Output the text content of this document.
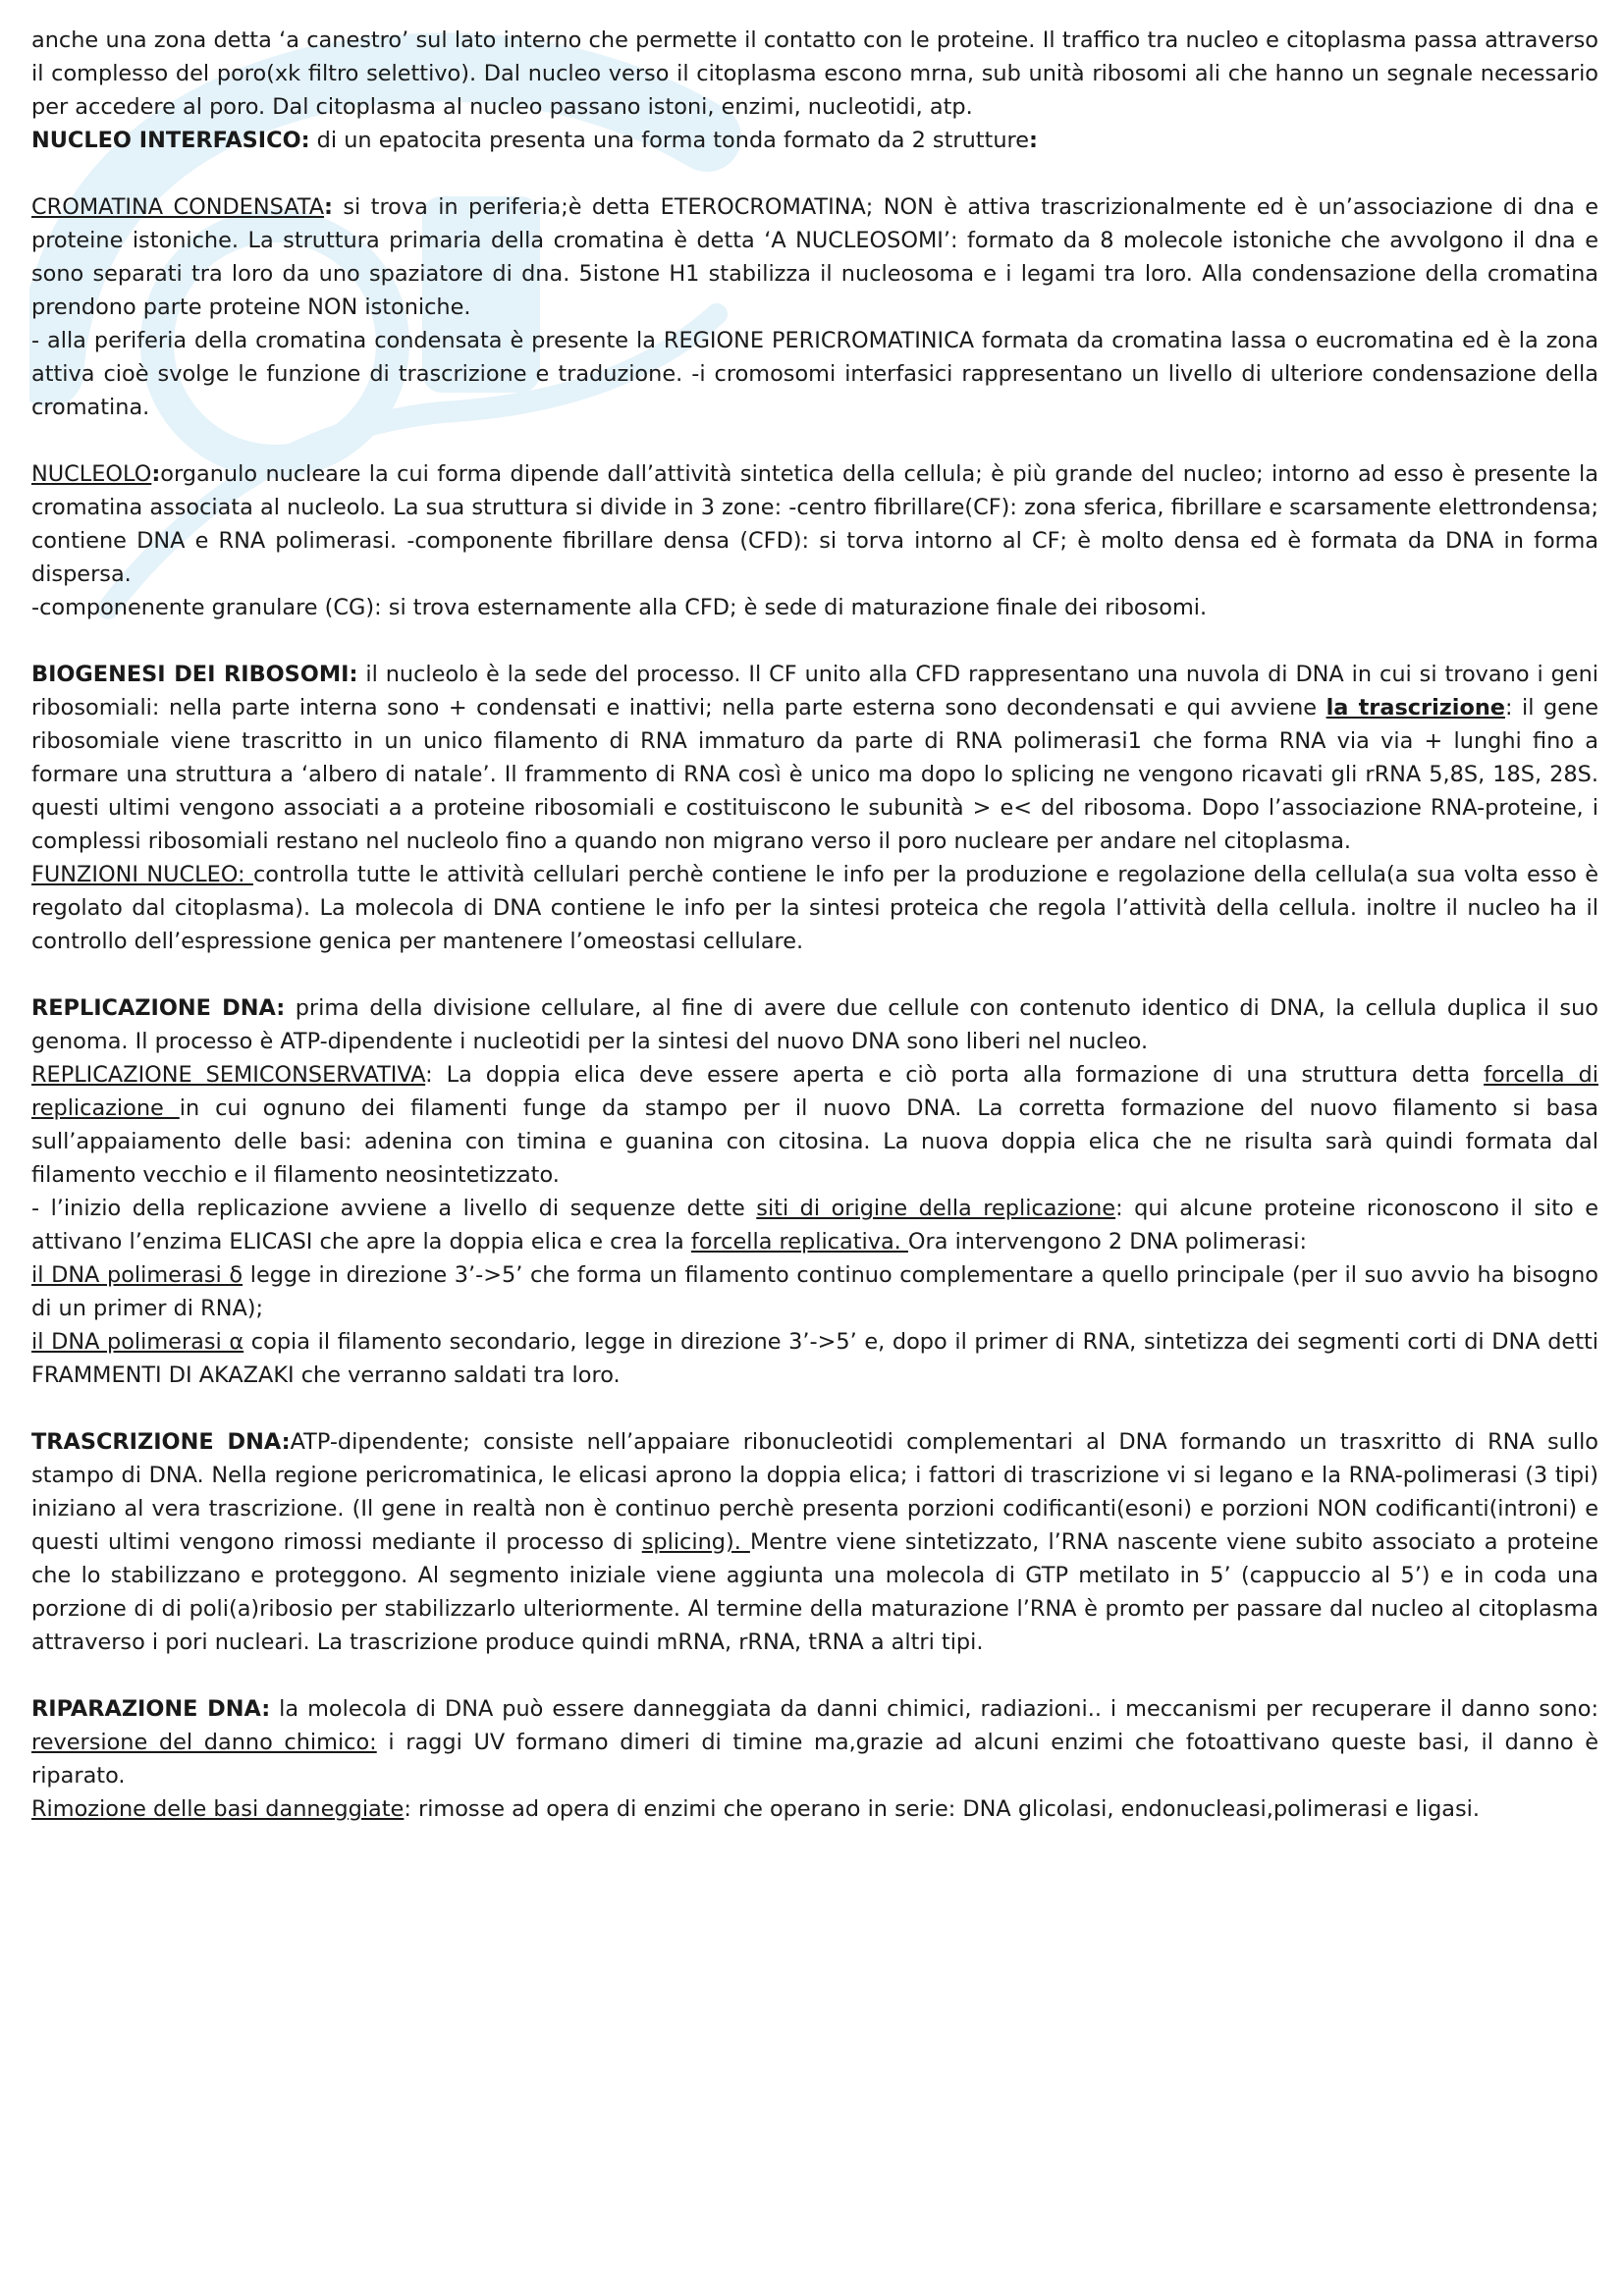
anche una zona detta ‘a canestro’ sul lato interno che permette il contatto con le proteine. Il traffico tra nucleo e citoplasma passa attraverso il complesso del poro(xk filtro selettivo). Dal nucleo verso il citoplasma escono mrna, sub unità ribosomi ali che hanno un segnale necessario per accedere al poro. Dal citoplasma al nucleo passano istoni, enzimi, nucleotidi, atp.

NUCLEO INTERFASICO: di un epatocita presenta una forma tonda formato da 2 strutture:

CROMATINA CONDENSATA: si trova in periferia;è detta ETEROCROMATINA; NON è attiva trascrizionalmente ed è un’associazione di dna e proteine istoniche. La struttura primaria della cromatina è detta ‘A NUCLEOSOMI’: formato da 8 molecole istoniche che avvolgono il dna e sono separati tra loro da uno spaziatore di dna. 5istone H1 stabilizza il nucleosoma e i legami tra loro. Alla condensazione della cromatina prendono parte proteine NON istoniche.

- alla periferia della cromatina condensata è presente la REGIONE PERICROMATINICA formata da cromatina lassa o eucromatina ed è la zona attiva cioè svolge le funzione di trascrizione e traduzione. -i cromosomi interfasici rappresentano un livello di ulteriore condensazione della cromatina.

NUCLEOLO:organulo nucleare la cui forma dipende dall’attività sintetica della cellula; è più grande del nucleo; intorno ad esso è presente la cromatina associata al nucleolo. La sua struttura si divide in 3 zone: -centro fibrillare(CF): zona sferica, fibrillare e scarsamente elettrondensa; contiene DNA e RNA polimerasi. -componente fibrillare densa (CFD): si torva intorno al CF; è molto densa ed è formata da DNA in forma dispersa.

-componenente granulare (CG): si trova esternamente alla CFD; è sede di maturazione finale dei ribosomi.

BIOGENESI DEI RIBOSOMI: il nucleolo è la sede del processo. Il CF unito alla CFD rappresentano una nuvola di DNA in cui si trovano i geni ribosomiali: nella parte interna sono + condensati e inattivi; nella parte esterna sono decondensati e qui avviene la trascrizione: il gene ribosomiale viene trascritto in un unico filamento di RNA immaturo da parte di RNA polimerasi1 che forma RNA via via + lunghi fino a formare una struttura a ‘albero di natale’. Il frammento di RNA così è unico ma dopo lo splicing ne vengono ricavati gli rRNA 5,8S, 18S, 28S. questi ultimi vengono associati a a proteine ribosomiali e costituiscono le subunità > e< del ribosoma. Dopo l’associazione RNA-proteine, i complessi ribosomiali restano nel nucleolo fino a quando non migrano verso il poro nucleare per andare nel citoplasma.

FUNZIONI NUCLEO: controlla tutte le attività cellulari perchè contiene le info per la produzione e regolazione della cellula(a sua volta esso è regolato dal citoplasma). La molecola di DNA contiene le info per la sintesi proteica che regola l’attività della cellula. inoltre il nucleo ha il controllo dell’espressione genica per mantenere l’omeostasi cellulare.

REPLICAZIONE DNA: prima della divisione cellulare, al fine di avere due cellule con contenuto identico di DNA, la cellula duplica il suo genoma. Il processo è ATP-dipendente i nucleotidi per la sintesi del nuovo DNA sono liberi nel nucleo.

REPLICAZIONE SEMICONSERVATIVA: La doppia elica deve essere aperta e ciò porta alla formazione di una struttura detta forcella di replicazione in cui ognuno dei filamenti funge da stampo per il nuovo DNA. La corretta formazione del nuovo filamento si basa sull’appaiamento delle basi: adenina con timina e guanina con citosina. La nuova doppia elica che ne risulta sarà quindi formata dal filamento vecchio e il filamento neosintetizzato.

- l’inizio della replicazione avviene a livello di sequenze dette siti di origine della replicazione: qui alcune proteine riconoscono il sito e attivano l’enzima ELICASI che apre la doppia elica e crea la forcella replicativa. Ora intervengono 2 DNA polimerasi:

il DNA polimerasi δ legge in direzione 3’->5’ che forma un filamento continuo complementare a quello principale (per il suo avvio ha bisogno di un primer di RNA);

il DNA polimerasi α copia il filamento secondario, legge in direzione 3’->5’ e, dopo il primer di RNA, sintetizza dei segmenti corti di DNA detti FRAMMENTI DI AKAZAKI che verranno saldati tra loro.

TRASCRIZIONE DNA:ATP-dipendente; consiste nell’appaiare ribonucleotidi complementari al DNA formando un trasxritto di RNA sullo stampo di DNA. Nella regione pericromatinica, le elicasi aprono la doppia elica; i fattori di trascrizione vi si legano e la RNA-polimerasi (3 tipi) iniziano al vera trascrizione. (Il gene in realtà non è continuo perchè presenta porzioni codificanti(esoni) e porzioni NON codificanti(introni) e questi ultimi vengono rimossi mediante il processo di splicing). Mentre viene sintetizzato, l’RNA nascente viene subito associato a proteine che lo stabilizzano e proteggono. Al segmento iniziale viene aggiunta una molecola di GTP metilato in 5’ (cappuccio al 5’) e in coda una porzione di di poli(a)ribosio per stabilizzarlo ulteriormente. Al termine della maturazione l’RNA è promto per passare dal nucleo al citoplasma attraverso i pori nucleari. La trascrizione produce quindi mRNA, rRNA, tRNA a altri tipi.

RIPARAZIONE DNA: la molecola di DNA può essere danneggiata da danni chimici, radiazioni.. i meccanismi per recuperare il danno sono: reversione del danno chimico: i raggi UV formano dimeri di timine ma,grazie ad alcuni enzimi che fotoattivano queste basi, il danno è riparato.

Rimozione delle basi danneggiate: rimosse ad opera di enzimi che operano in serie: DNA glicolasi, endonucleasi,polimerasi e ligasi.
